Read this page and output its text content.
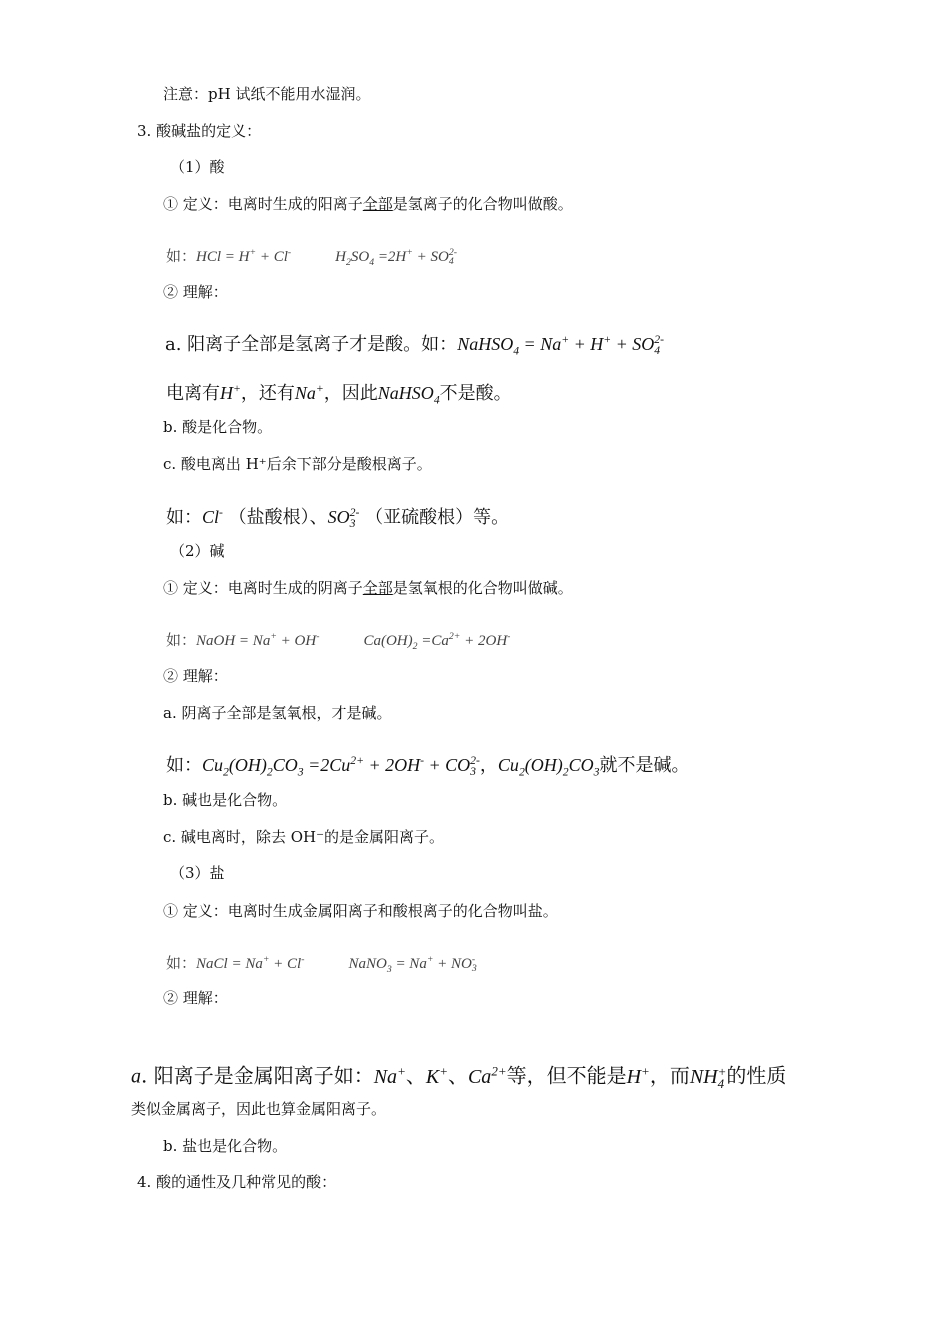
注意：pH 试纸不能用水湿润。
3. 酸碱盐的定义：
（1）酸
① 定义：电离时生成的阳离子全部是氢离子的化合物叫做酸。
如：HCl = H+ + Cl-	$H_2SO_4 =2H^+$ + SO 2-
4
② 理解：
a. 阳离子全部是氢离子才是酸。如：NaHSO$_4$ = Na+ + H+ + SO 2-
4
电离有H+，还有Na+，因此NaHSO$_4$不是酸。
b. 酸是化合物。
c. 酸电离出 H⁺后余下部分是酸根离子。
如：Cl- （盐酸根）、SO 2-
3 （亚硫酸根）等。
（2）碱
① 定义：电离时生成的阴离子全部是氢氧根的化合物叫做碱。
如：NaOH = Na+ + OH-	$Ca(OH)_2 =Ca^{2+} + 2OH^-$
② 理解：
a. 阴离子全部是氢氧根，才是碱。
如：$Cu_2(OH)_2CO_3 =2Cu^{2+} + 2OH^-$ + CO 2-
3 ，$Cu_2(OH)_2CO_3$就不是碱。
b. 碱也是化合物。
c. 碱电离时，除去 OH⁻的是金属阳离子。
（3）盐
① 定义：电离时生成金属阳离子和酸根离子的化合物叫盐。
如：NaCl = Na+ + Cl-	NaNO$_3$ = Na+ + NO -
3
② 理解：
a. 阳离子是金属阳离子如：Na+、K+、$Ca^{2+}$等，但不能是H+，而NH +
4 的性质
类似金属离子，因此也算金属阳离子。
b. 盐也是化合物。
4. 酸的通性及几种常见的酸：
